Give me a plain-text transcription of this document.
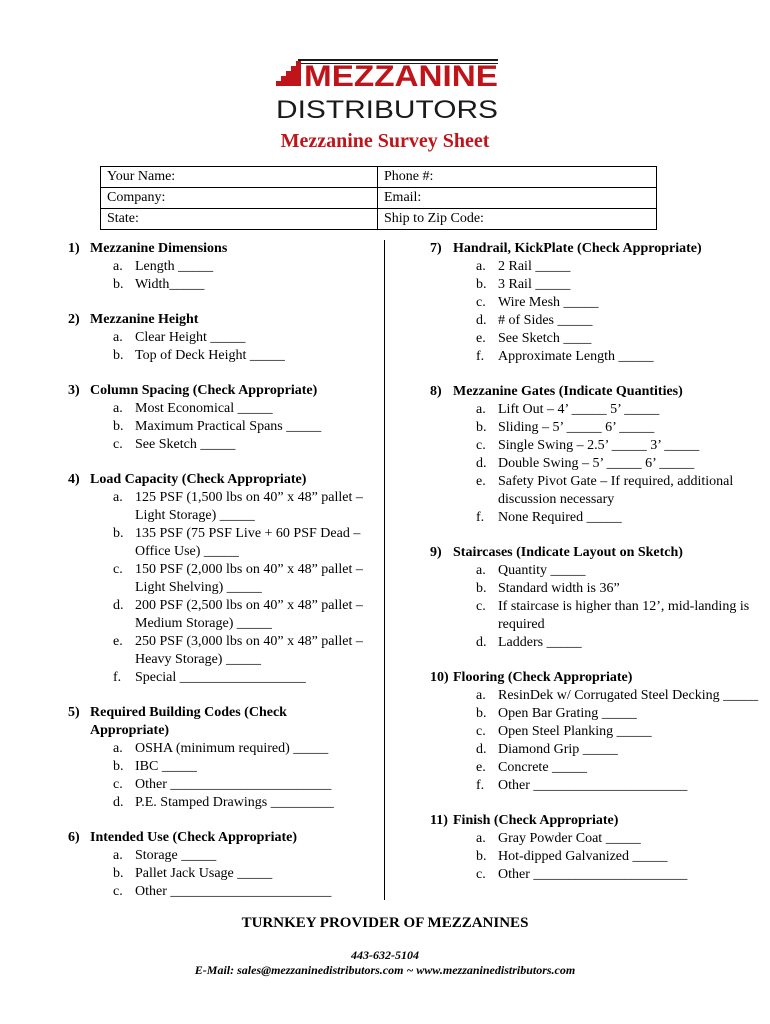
MEZZANINE
DISTRIBUTORS
Mezzanine Survey Sheet
Your Name:	Phone #:
Company:	Email:
State:	Ship to Zip Code:
1) Mezzanine Dimensions
a. Length _____
b. Width_____
2) Mezzanine Height
a. Clear Height _____
b. Top of Deck Height _____
3) Column Spacing (Check Appropriate)
a. Most Economical _____
b. Maximum Practical Spans _____
c. See Sketch _____
4) Load Capacity (Check Appropriate)
a. 125 PSF (1,500 lbs on 40” x 48” pallet – Light Storage) _____
b. 135 PSF (75 PSF Live + 60 PSF Dead – Office Use) _____
c. 150 PSF (2,000 lbs on 40” x 48” pallet – Light Shelving) _____
d. 200 PSF (2,500 lbs on 40” x 48” pallet – Medium Storage) _____
e. 250 PSF (3,000 lbs on 40” x 48” pallet – Heavy Storage) _____
f. Special __________________
5) Required Building Codes (Check Appropriate)
a. OSHA (minimum required) _____
b. IBC _____
c. Other _______________________
d. P.E. Stamped Drawings _________
6) Intended Use (Check Appropriate)
a. Storage _____
b. Pallet Jack Usage _____
c. Other _______________________
7) Handrail, KickPlate (Check Appropriate)
a. 2 Rail _____
b. 3 Rail _____
c. Wire Mesh _____
d. # of Sides _____
e. See Sketch ____
f. Approximate Length _____
8) Mezzanine Gates (Indicate Quantities)
a. Lift Out – 4’ _____ 5’ _____
b. Sliding – 5’ _____ 6’ _____
c. Single Swing – 2.5’ _____ 3’ _____
d. Double Swing – 5’ _____ 6’ _____
e. Safety Pivot Gate – If required, additional discussion necessary
f. None Required _____
9) Staircases (Indicate Layout on Sketch)
a. Quantity _____
b. Standard width is 36”
c. If staircase is higher than 12’, mid-landing is required
d. Ladders _____
10) Flooring (Check Appropriate)
a. ResinDek w/ Corrugated Steel Decking _____
b. Open Bar Grating _____
c. Open Steel Planking _____
d. Diamond Grip _____
e. Concrete _____
f. Other ______________________
11) Finish (Check Appropriate)
a. Gray Powder Coat _____
b. Hot-dipped Galvanized _____
c. Other ______________________
TURNKEY PROVIDER OF MEZZANINES
443-632-5104
E-Mail: sales@mezzaninedistributors.com ~ www.mezzaninedistributors.com
